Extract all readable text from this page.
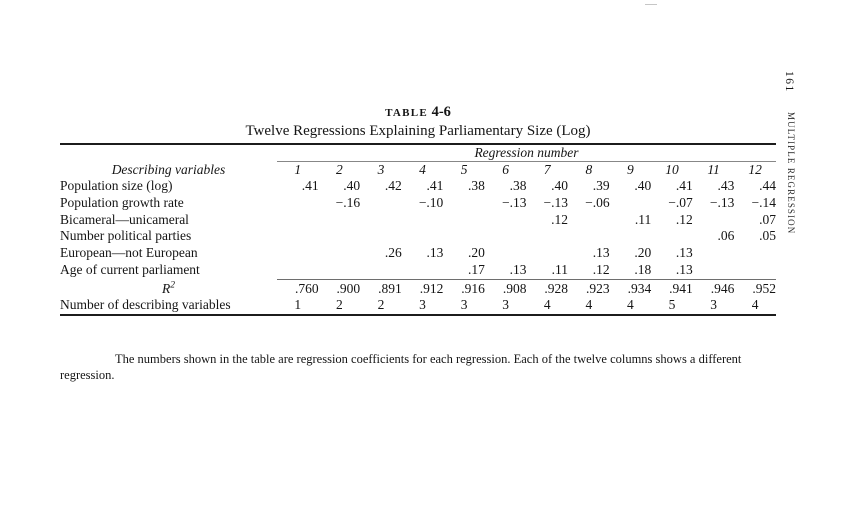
TABLE 4-6
Twelve Regressions Explaining Parliamentary Size (Log)
	Regression number											
Describing variables	1	2	3	4	5	6	7	8	9	10	11	12
Population size (log)	.41	.40	.42	.41	.38	.38	.40	.39	.40	.41	.43	.44
Population growth rate		−.16		−.10		−.13	−.13	−.06		−.07	−.13	−.14
Bicameral—unicameral							.12		.11	.12		.07
Number political parties											.06	.05
European—not European			.26	.13	.20			.13	.20	.13		
Age of current parliament					.17	.13	.11	.12	.18	.13		
$R^2$	.760	.900	.891	.912	.916	.908	.928	.923	.934	.941	.946	.952
Number of describing variables	1	2	2	3	3	3	4	4	4	5	3	4
The numbers shown in the table are regression coefficients for each regression. Each of the twelve columns shows a different
regression.
161
MULTIPLE REGRESSION
